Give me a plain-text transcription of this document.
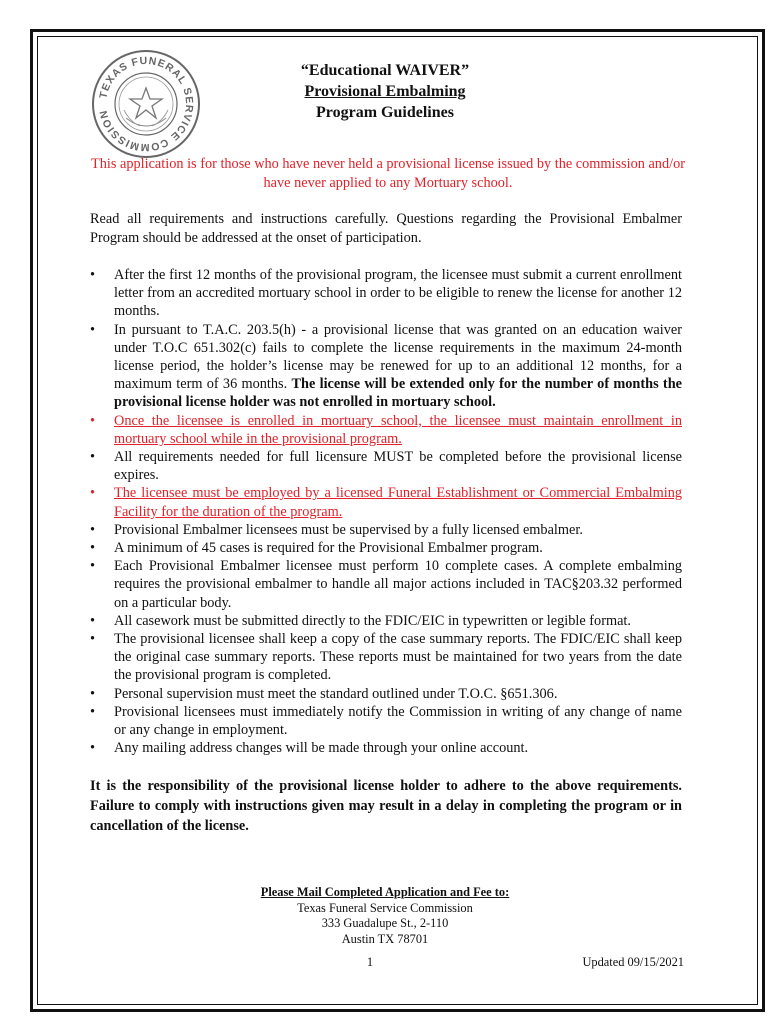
TEXAS FUNERAL SERVICE COMMISSION
“Educational WAIVER”
Provisional Embalming
Program Guidelines
This application is for those who have never held a provisional license issued by the commission and/or have never applied to any Mortuary school.
Read all requirements and instructions carefully. Questions regarding the Provisional Embalmer Program should be addressed at the onset of participation.
• After the first 12 months of the provisional program, the licensee must submit a current enrollment letter from an accredited mortuary school in order to be eligible to renew the license for another 12 months.
• In pursuant to T.A.C. 203.5(h) - a provisional license that was granted on an education waiver under T.O.C 651.302(c) fails to complete the license requirements in the maximum 24-month license period, the holder’s license may be renewed for up to an additional 12 months, for a maximum term of 36 months. The license will be extended only for the number of months the provisional license holder was not enrolled in mortuary school.
• Once the licensee is enrolled in mortuary school, the licensee must maintain enrollment in mortuary school while in the provisional program.
• All requirements needed for full licensure MUST be completed before the provisional license expires.
• The licensee must be employed by a licensed Funeral Establishment or Commercial Embalming Facility for the duration of the program.
• Provisional Embalmer licensees must be supervised by a fully licensed embalmer.
• A minimum of 45 cases is required for the Provisional Embalmer program.
• Each Provisional Embalmer licensee must perform 10 complete cases. A complete embalming requires the provisional embalmer to handle all major actions included in TAC§203.32 performed on a particular body.
• All casework must be submitted directly to the FDIC/EIC in typewritten or legible format.
• The provisional licensee shall keep a copy of the case summary reports. The FDIC/EIC shall keep the original case summary reports. These reports must be maintained for two years from the date the provisional program is completed.
• Personal supervision must meet the standard outlined under T.O.C. §651.306.
• Provisional licensees must immediately notify the Commission in writing of any change of name or any change in employment.
• Any mailing address changes will be made through your online account.
It is the responsibility of the provisional license holder to adhere to the above requirements. Failure to comply with instructions given may result in a delay in completing the program or in cancellation of the license.
Please Mail Completed Application and Fee to:
Texas Funeral Service Commission
333 Guadalupe St., 2-110
Austin TX 78701
1	Updated 09/15/2021
